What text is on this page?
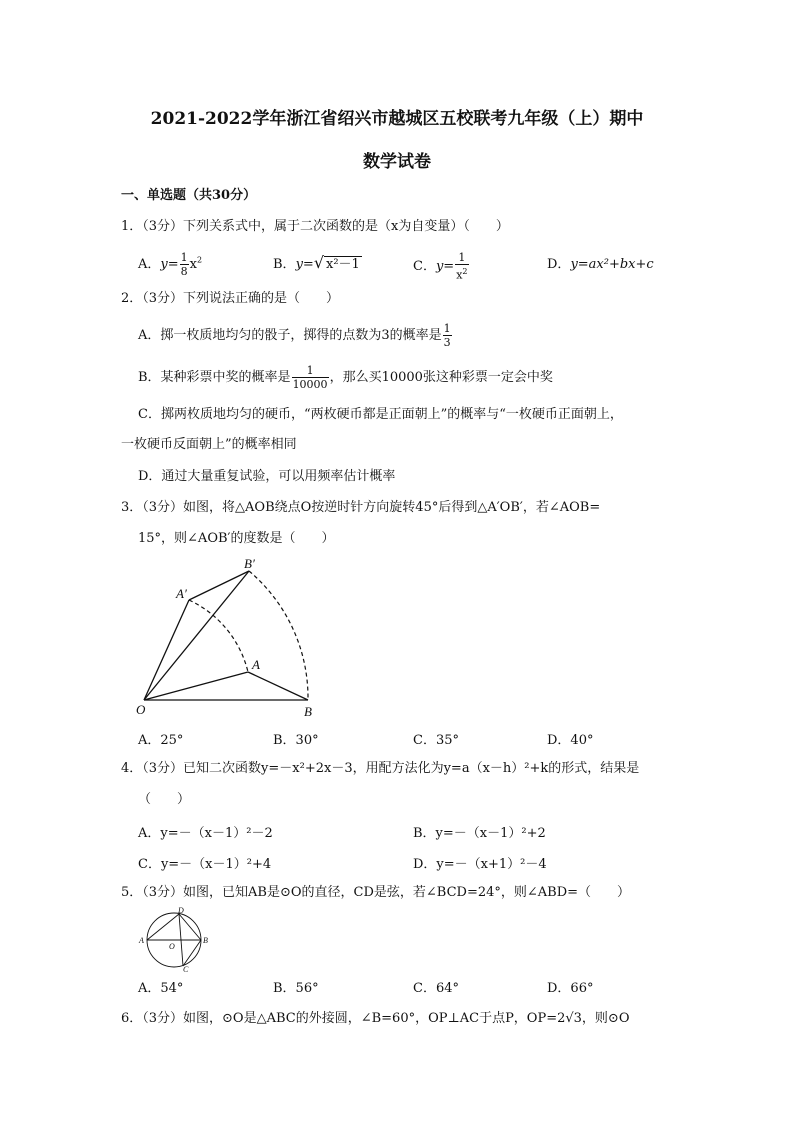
2021-2022学年浙江省绍兴市越城区五校联考九年级（上）期中
数学试卷
一、单选题（共30分）
1．（3分）下列关系式中，属于二次函数的是（x为自变量）（　　）
A．$y= \frac{1}{8} x^2$	B．y=√ x²－1	C．$y= \frac{1}{x^2}$	D．y=ax²+bx+c
2．（3分）下列说法正确的是（　　）
A．掷一枚质地均匀的骰子，掷得的点数为3的概率是 $\frac{1}{3}$
B．某种彩票中奖的概率是 $\frac{1}{10000}$ ，那么买10000张这种彩票一定会中奖
C．掷两枚质地均匀的硬币，“两枚硬币都是正面朝上”的概率与“一枚硬币正面朝上，
一枚硬币反面朝上”的概率相同
D．通过大量重复试验，可以用频率估计概率
3．（3分）如图，将△AOB绕点O按逆时针方向旋转45°后得到△A′OB′，若∠AOB=
15°，则∠AOB′的度数是（　　）
B′
A′
A
O	B
A．25°	B．30°	C．35°	D．40°
4．（3分）已知二次函数y=－x²+2x－3，用配方法化为y=a（x－h）²+k的形式，结果是
（　　）
A．y=－（x－1）²－2	B．y=－（x－1）²+2
C．y=－（x－1）²+4	D．y=－（x+1）²－4
5．（3分）如图，已知AB是⊙O的直径，CD是弦，若∠BCD=24°，则∠ABD=（　　）
D
A
O
B
C
A．54°	B．56°	C．64°	D．66°
6．（3分）如图，⊙O是△ABC的外接圆，∠B=60°，OP⊥AC于点P，OP=2√3，则⊙O
